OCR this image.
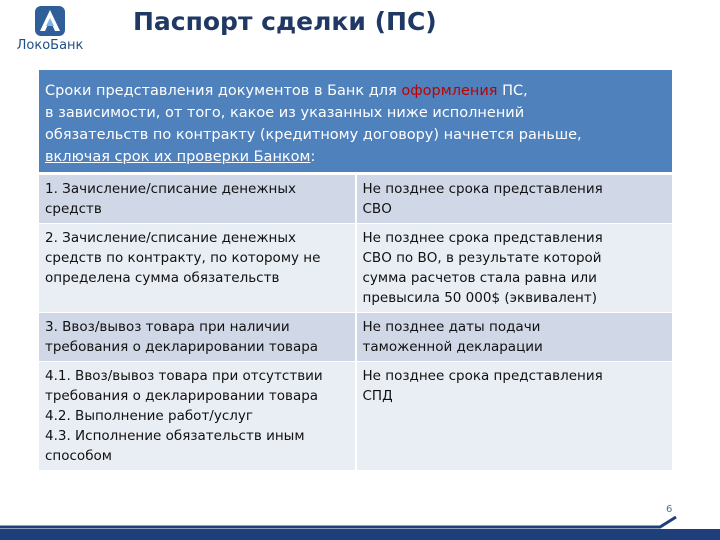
ЛокоБанк
Паспорт сделки (ПС)
Сроки представления документов в Банк для оформления ПС,
в зависимости, от того, какое из указанных ниже исполнений
обязательств по контракту (кредитному договору) начнется раньше,
включая срок их проверки Банком:	
1. Зачисление/списание денежных
средств	Не позднее срока представления
СВО
2. Зачисление/списание денежных
средств по контракту, по которому не
определена сумма обязательств	Не позднее срока представления
СВО по ВО, в результате которой
сумма расчетов стала равна или
превысила 50 000$ (эквивалент)
3. Ввоз/вывоз товара при наличии
требования о декларировании товара	Не позднее даты подачи
таможенной декларации
4.1. Ввоз/вывоз товара при отсутствии
требования о декларировании товара
4.2. Выполнение работ/услуг
4.3. Исполнение обязательств иным
способом	Не позднее срока представления
СПД
6
